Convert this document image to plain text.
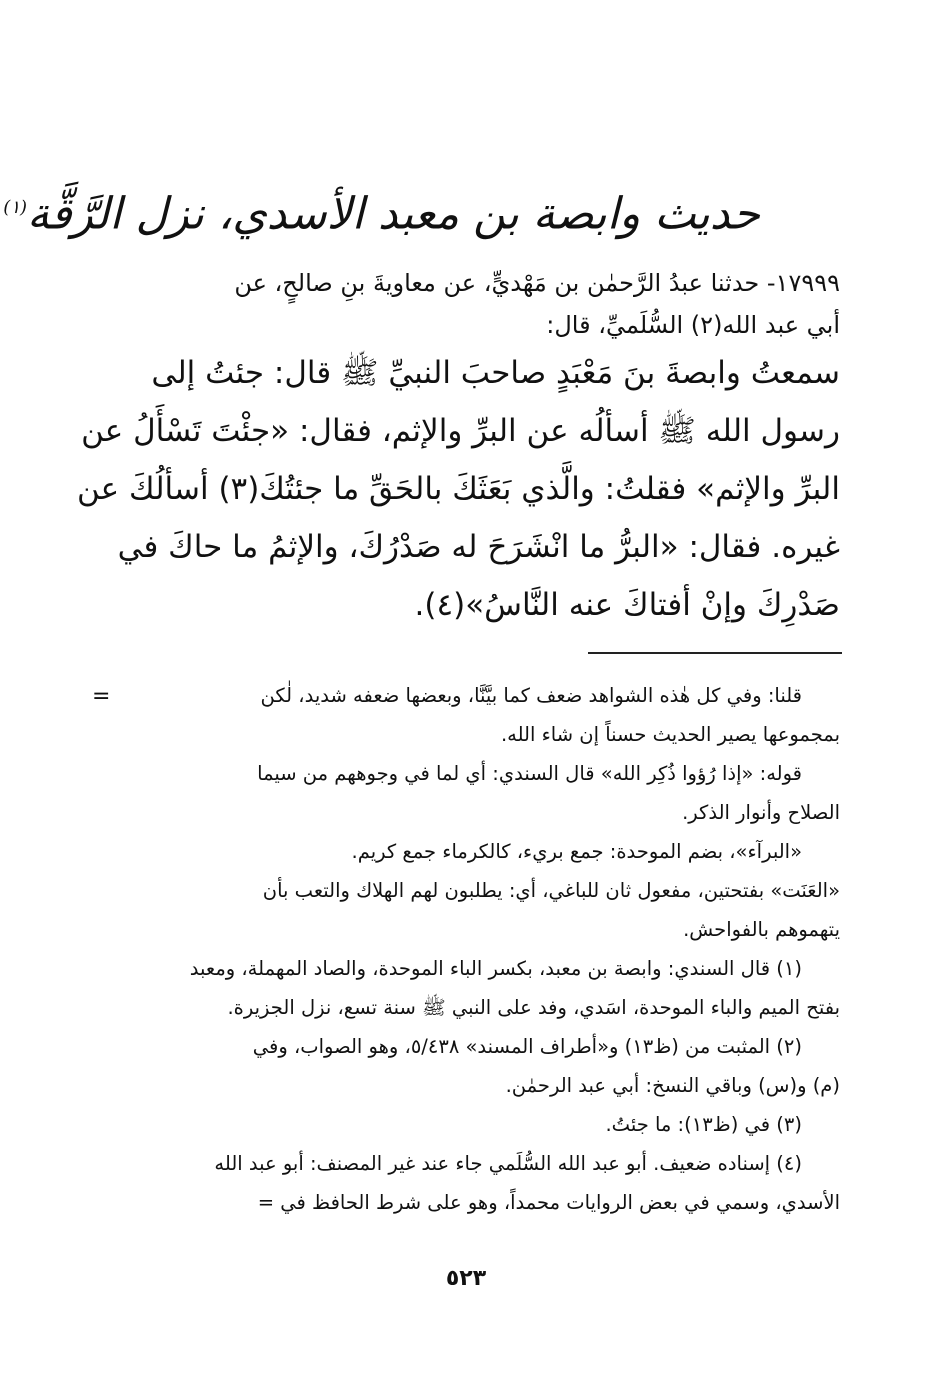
حديث وابصة بن معبد الأسدي، نزل الرَّقَّة$^{(١)}$

١٧٩٩٩- حدثنا عبدُ الرَّحمٰن بن مَهْديٍّ، عن معاويةَ بنِ صالحٍ، عن

أبي عبد الله(٢) السُّلَميِّ، قال:

سمعتُ وابصةَ بنَ مَعْبَدٍ صاحبَ النبيِّ ﷺ قال: جئتُ إلى

رسول الله ﷺ أسألُه عن البرِّ والإثم، فقال: «جئْتَ تَسْأَلُ عن

البرِّ والإثم» فقلتُ: والَّذي بَعَثَكَ بالحَقِّ ما جئتُكَ(٣) أسألُكَ عن

غيره. فقال: «البرُّ ما انْشَرَحَ له صَدْرُكَ، والإثمُ ما حاكَ في

صَدْرِكَ وإنْ أفتاكَ عنه النَّاسُ»(٤).

=	قلنا: وفي كل هٰذه الشواهد ضعف كما بيَّنَّا، وبعضها ضعفه شديد، لٰكن

بمجموعها يصير الحديث حسناً إن شاء الله.

قوله: «إذا رُؤوا ذُكِر الله» قال السندي: أي لما في وجوههم من سيما

الصلاح وأنوار الذكر.

«البرآء»، بضم الموحدة: جمع بريء، كالكرماء جمع كريم.

«العَنَت» بفتحتين، مفعول ثان للباغي، أي: يطلبون لهم الهلاك والتعب بأن

يتهموهم بالفواحش.

(١) قال السندي: وابصة بن معبد، بكسر الباء الموحدة، والصاد المهملة، ومعبد

بفتح الميم والباء الموحدة، اسَدي، وفد على النبي ﷺ سنة تسع، نزل الجزيرة.

(٢) المثبت من (ظ١٣) و«أطراف المسند» ٥/٤٣٨، وهو الصواب، وفي

(م) و(س) وباقي النسخ: أبي عبد الرحمٰن.

(٣) في (ظ١٣): ما جئتُ.

(٤) إسناده ضعيف. أبو عبد الله السُّلَمي جاء عند غير المصنف: أبو عبد الله

الأسدي، وسمي في بعض الروايات محمداً، وهو على شرط الحافظ في =

٥٢٣
